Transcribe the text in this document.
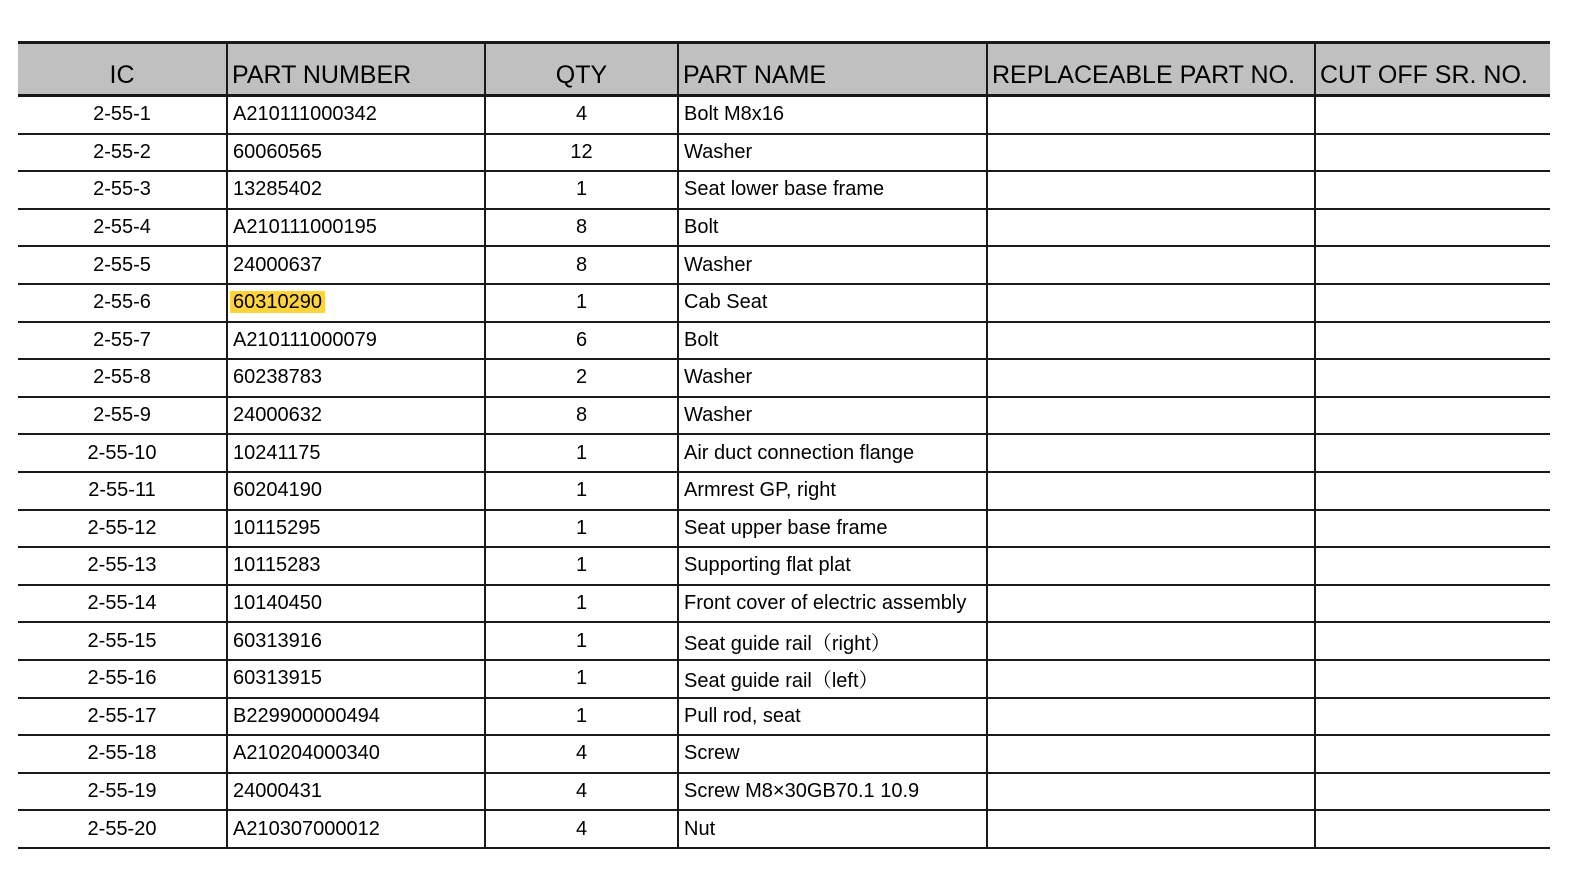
IC	PART NUMBER	QTY	PART NAME	REPLACEABLE PART NO.	CUT OFF SR. NO.
2-55-1	A210111000342	4	Bolt M8x16		
2-55-2	60060565	12	Washer		
2-55-3	13285402	1	Seat lower base frame		
2-55-4	A210111000195	8	Bolt		
2-55-5	24000637	8	Washer		
2-55-6	60310290	1	Cab Seat		
2-55-7	A210111000079	6	Bolt		
2-55-8	60238783	2	Washer		
2-55-9	24000632	8	Washer		
2-55-10	10241175	1	Air duct connection flange		
2-55-11	60204190	1	Armrest GP, right		
2-55-12	10115295	1	Seat upper base frame		
2-55-13	10115283	1	Supporting flat plat		
2-55-14	10140450	1	Front cover of electric assembly		
2-55-15	60313916	1	Seat guide rail（right）		
2-55-16	60313915	1	Seat guide rail（left）		
2-55-17	B229900000494	1	Pull rod, seat		
2-55-18	A210204000340	4	Screw		
2-55-19	24000431	4	Screw M8×30GB70.1 10.9		
2-55-20	A210307000012	4	Nut		
